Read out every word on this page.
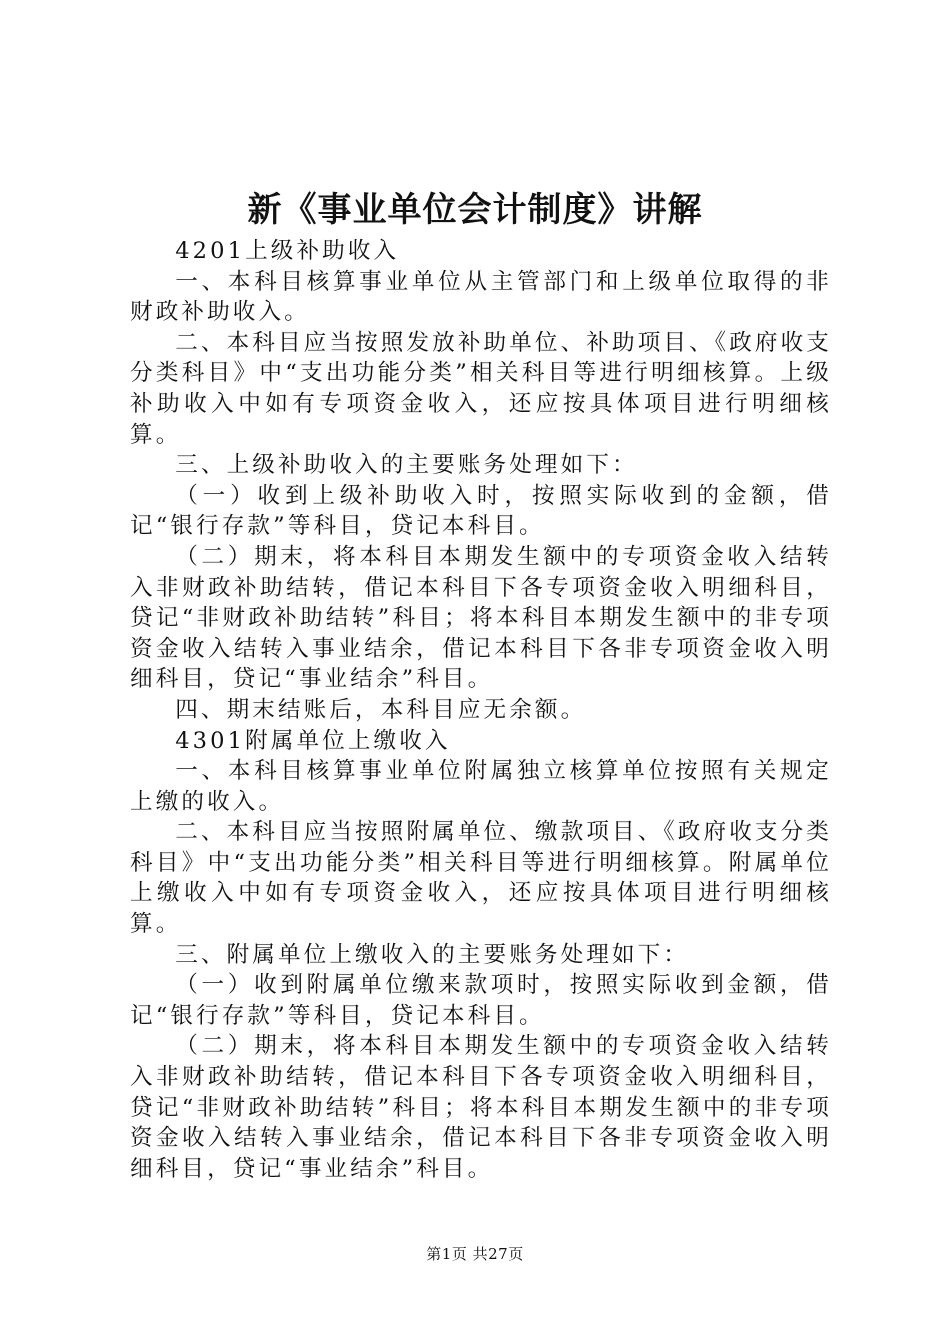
新《事业单位会计制度》讲解

4201上级补助收入

一、本科目核算事业单位从主管部门和上级单位取得的非财政补助收入。

二、本科目应当按照发放补助单位、补助项目、《政府收支分类科目》中“支出功能分类”相关科目等进行明细核算。上级补助收入中如有专项资金收入，还应按具体项目进行明细核算。

三、上级补助收入的主要账务处理如下：

（一）收到上级补助收入时，按照实际收到的金额，借记“银行存款”等科目，贷记本科目。

（二）期末，将本科目本期发生额中的专项资金收入结转入非财政补助结转，借记本科目下各专项资金收入明细科目，贷记“非财政补助结转”科目；将本科目本期发生额中的非专项资金收入结转入事业结余，借记本科目下各非专项资金收入明细科目，贷记“事业结余”科目。

四、期末结账后，本科目应无余额。

4301附属单位上缴收入

一、本科目核算事业单位附属独立核算单位按照有关规定上缴的收入。

二、本科目应当按照附属单位、缴款项目、《政府收支分类科目》中“支出功能分类”相关科目等进行明细核算。附属单位上缴收入中如有专项资金收入，还应按具体项目进行明细核算。

三、附属单位上缴收入的主要账务处理如下：

（一）收到附属单位缴来款项时，按照实际收到金额，借记“银行存款”等科目，贷记本科目。

（二）期末，将本科目本期发生额中的专项资金收入结转入非财政补助结转，借记本科目下各专项资金收入明细科目，贷记“非财政补助结转”科目；将本科目本期发生额中的非专项资金收入结转入事业结余，借记本科目下各非专项资金收入明细科目，贷记“事业结余”科目。

第1页 共27页
